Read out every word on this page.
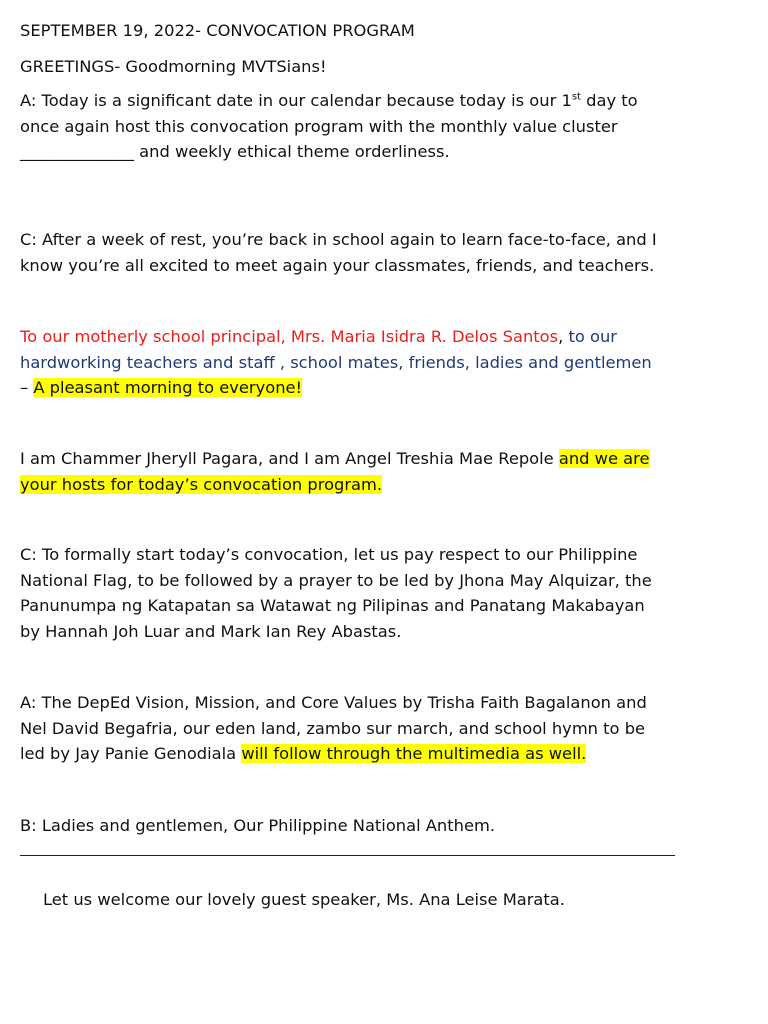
SEPTEMBER 19, 2022- CONVOCATION PROGRAM

GREETINGS- Goodmorning MVTSians!

A: Today is a significant date in our calendar because today is our 1st day to
once again host this convocation program with the monthly value cluster
______________ and weekly ethical theme orderliness.

C: After a week of rest, you’re back in school again to learn face-to-face, and I
know you’re all excited to meet again your classmates, friends, and teachers.

To our motherly school principal, Mrs. Maria Isidra R. Delos Santos, to our
hardworking teachers and staff , school mates, friends, ladies and gentlemen
– A pleasant morning to everyone!

I am Chammer Jheryll Pagara, and I am Angel Treshia Mae Repole and we are
your hosts for today’s convocation program.

C: To formally start today’s convocation, let us pay respect to our Philippine
National Flag, to be followed by a prayer to be led by Jhona May Alquizar, the
Panunumpa ng Katapatan sa Watawat ng Pilipinas and Panatang Makabayan
by Hannah Joh Luar and Mark Ian Rey Abastas.

A: The DepEd Vision, Mission, and Core Values by Trisha Faith Bagalanon and
Nel David Begafria, our eden land, zambo sur march, and school hymn to be
led by Jay Panie Genodiala will follow through the multimedia as well.

B: Ladies and gentlemen, Our Philippine National Anthem.

Let us welcome our lovely guest speaker, Ms. Ana Leise Marata.
